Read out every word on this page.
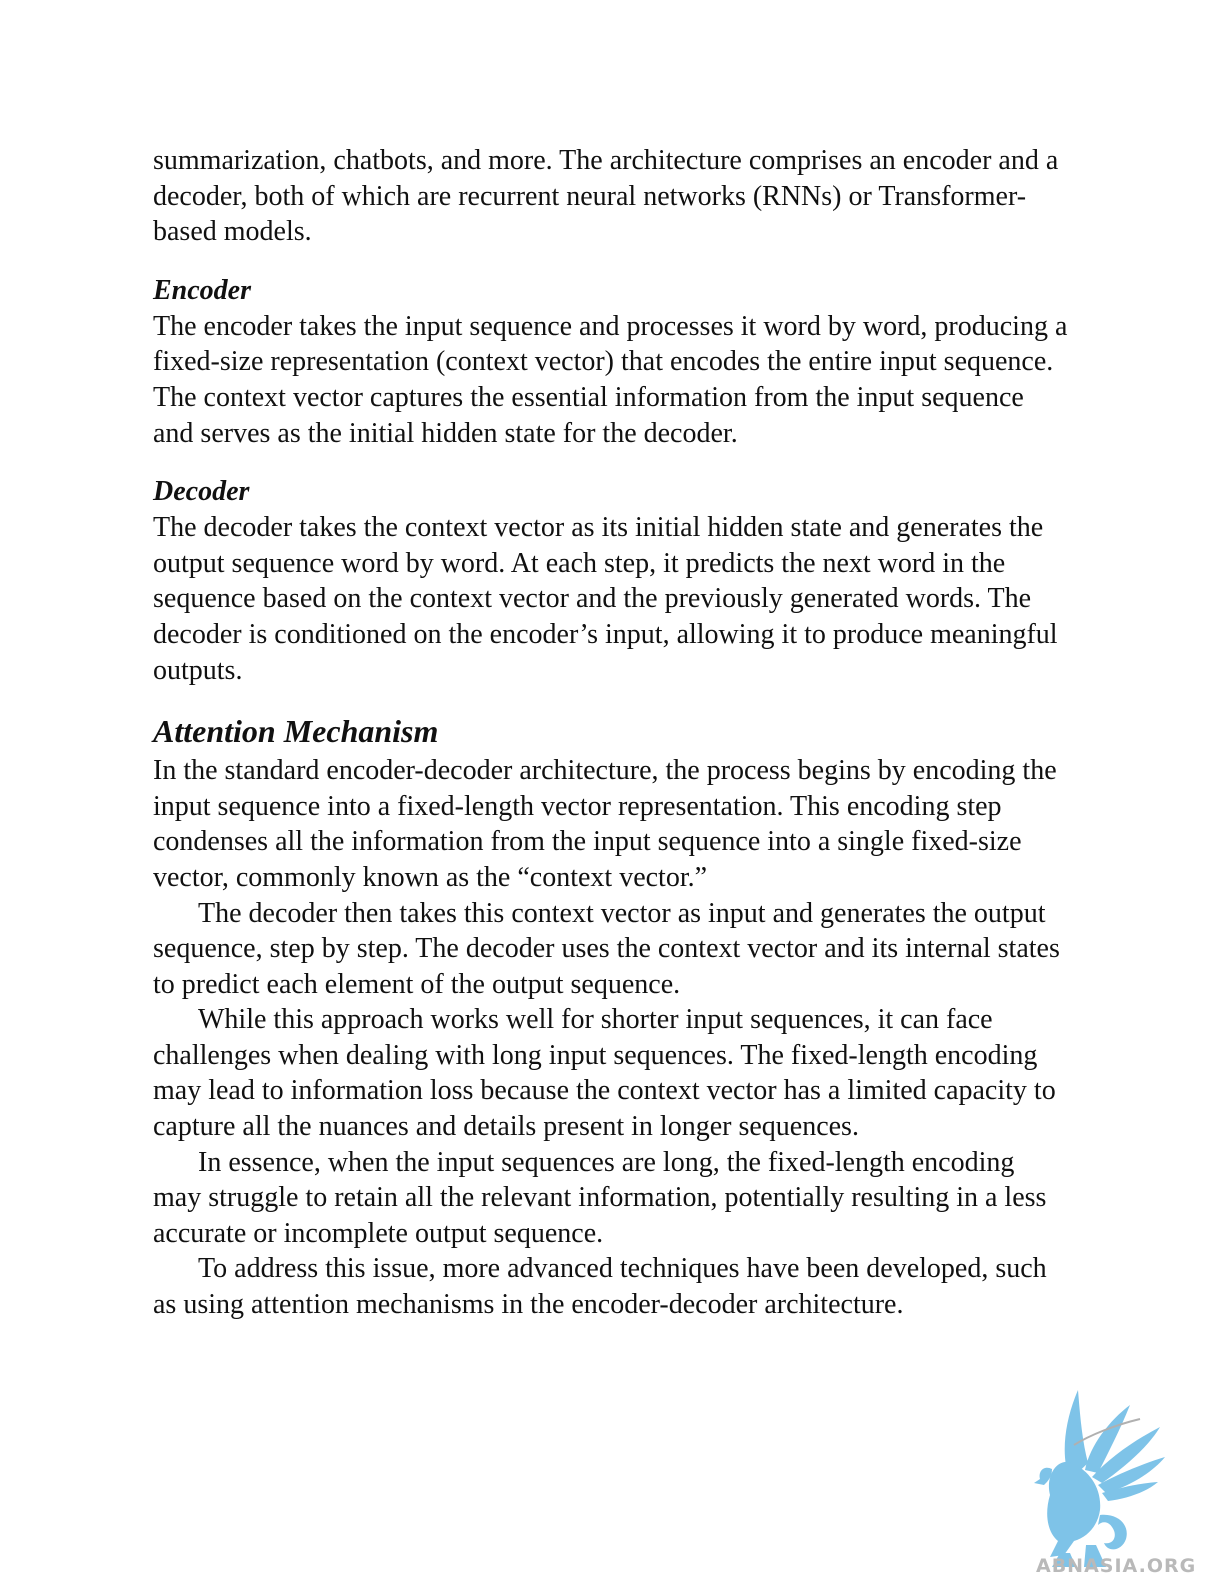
summarization, chatbots, and more. The architecture comprises an encoder and a decoder, both of which are recurrent neural networks (RNNs) or Transformer-based models.

Encoder

The encoder takes the input sequence and processes it word by word, producing a fixed-size representation (context vector) that encodes the entire input sequence. The context vector captures the essential information from the input sequence and serves as the initial hidden state for the decoder.

Decoder

The decoder takes the context vector as its initial hidden state and generates the output sequence word by word. At each step, it predicts the next word in the sequence based on the context vector and the previously generated words. The decoder is conditioned on the encoder’s input, allowing it to produce meaningful outputs.

Attention Mechanism

In the standard encoder-decoder architecture, the process begins by encoding the input sequence into a fixed-length vector representation. This encoding step condenses all the information from the input sequence into a single fixed-size vector, commonly known as the “context vector.”

The decoder then takes this context vector as input and generates the output sequence, step by step. The decoder uses the context vector and its internal states to predict each element of the output sequence.

While this approach works well for shorter input sequences, it can face challenges when dealing with long input sequences. The fixed-length encoding may lead to information loss because the context vector has a limited capacity to capture all the nuances and details present in longer sequences.

In essence, when the input sequences are long, the fixed-length encoding may struggle to retain all the relevant information, potentially resulting in a less accurate or incomplete output sequence.

To address this issue, more advanced techniques have been developed, such as using attention mechanisms in the encoder-decoder architecture.

ABNASIA.ORG
